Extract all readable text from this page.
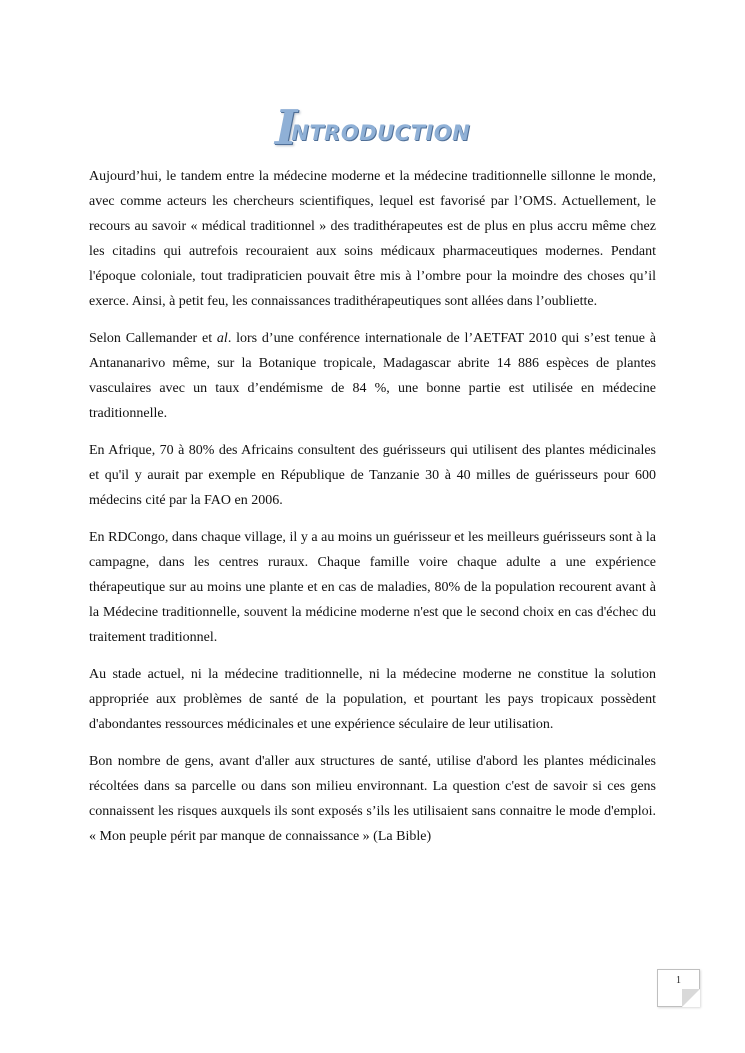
INTRODUCTION

Aujourd’hui, le tandem entre la médecine moderne et la médecine traditionnelle sillonne le monde, avec comme acteurs les chercheurs scientifiques, lequel est favorisé par l’OMS. Actuellement, le recours au savoir « médical traditionnel » des tradithérapeutes est de plus en plus accru même chez les citadins qui autrefois recouraient aux soins médicaux pharmaceutiques modernes. Pendant l'époque coloniale, tout tradipraticien pouvait être mis à l’ombre pour la moindre des choses qu’il exerce. Ainsi, à petit feu, les connaissances tradithérapeutiques sont allées dans l’oubliette.

Selon Callemander et al. lors d’une conférence internationale de l’AETFAT 2010 qui s’est tenue à Antananarivo même, sur la Botanique tropicale, Madagascar abrite 14 886 espèces de plantes vasculaires avec un taux d’endémisme de 84 %, une bonne partie est utilisée en médecine traditionnelle.

En Afrique, 70 à 80% des Africains consultent des guérisseurs qui utilisent des plantes médicinales et qu'il y aurait par exemple en République de Tanzanie 30 à 40 milles de guérisseurs pour 600 médecins cité par la FAO en 2006.

En RDCongo, dans chaque village, il y a au moins un guérisseur et les meilleurs guérisseurs sont à la campagne, dans les centres ruraux. Chaque famille voire chaque adulte a une expérience thérapeutique sur au moins une plante et en cas de maladies, 80% de la population recourent avant à la Médecine traditionnelle, souvent la médicine moderne n'est que le second choix en cas d'échec du traitement traditionnel.

Au stade actuel, ni la médecine traditionnelle, ni la médecine moderne ne constitue la solution appropriée aux problèmes de santé de la population, et pourtant les pays tropicaux possèdent d'abondantes ressources médicinales et une expérience séculaire de leur utilisation.

Bon nombre de gens, avant d'aller aux structures de santé, utilise d'abord les plantes médicinales récoltées dans sa parcelle ou dans son milieu environnant. La question c'est de savoir si ces gens connaissent les risques auxquels ils sont exposés s’ils les utilisaient sans connaitre le mode d'emploi. « Mon peuple périt par manque de connaissance » (La Bible)

1
